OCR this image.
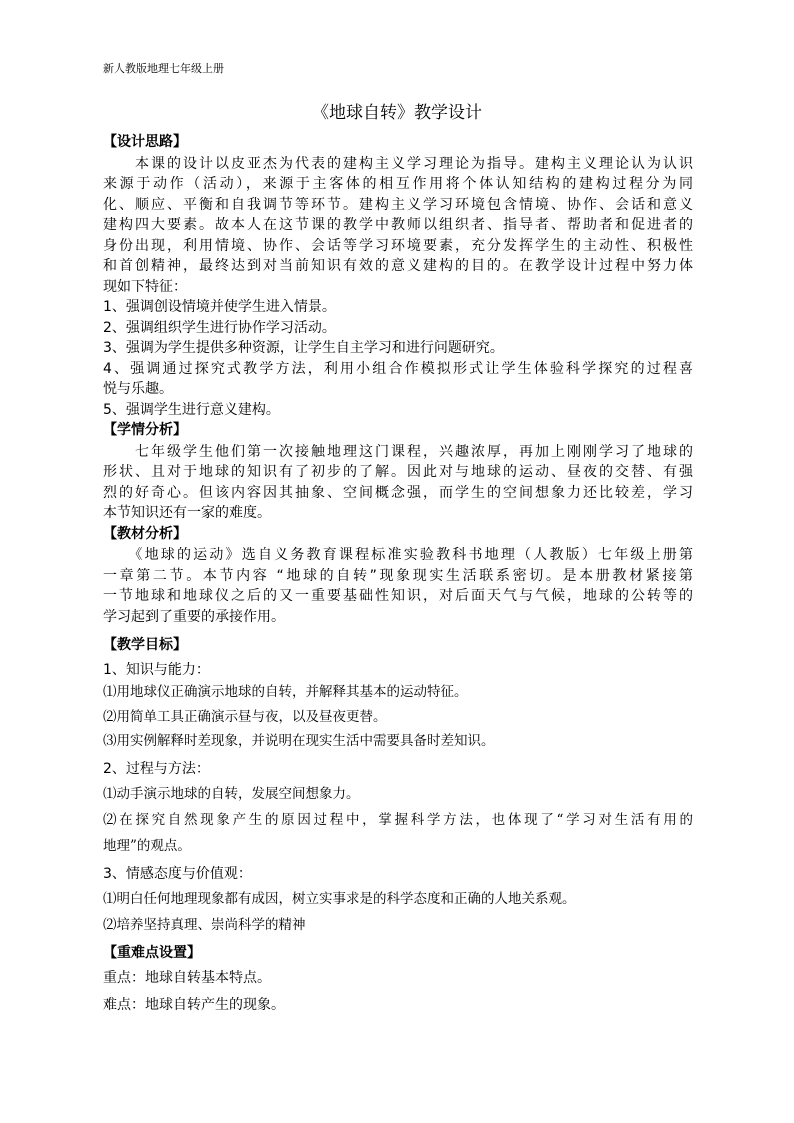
新人教版地理七年级上册
《地球自转》教学设计
【设计思路】
　　本课的设计以皮亚杰为代表的建构主义学习理论为指导。建构主义理论认为认识
来源于动作（活动），来源于主客体的相互作用将个体认知结构的建构过程分为同
化、顺应、平衡和自我调节等环节。建构主义学习环境包含情境、协作、会话和意义
建构四大要素。故本人在这节课的教学中教师以组织者、指导者、帮助者和促进者的
身份出现，利用情境、协作、会话等学习环境要素，充分发挥学生的主动性、积极性
和首创精神，最终达到对当前知识有效的意义建构的目的。在教学设计过程中努力体
现如下特征：
1、强调创设情境并使学生进入情景。
2、强调组织学生进行协作学习活动。
3、强调为学生提供多种资源，让学生自主学习和进行问题研究。
4、强调通过探究式教学方法，利用小组合作模拟形式让学生体验科学探究的过程喜
悦与乐趣。
5、强调学生进行意义建构。
【学情分析】
　　七年级学生他们第一次接触地理这门课程，兴趣浓厚，再加上刚刚学习了地球的
形状、且对于地球的知识有了初步的了解。因此对与地球的运动、昼夜的交替、有强
烈的好奇心。但该内容因其抽象、空间概念强，而学生的空间想象力还比较差，学习
本节知识还有一家的难度。
【教材分析】
　　《地球的运动》选自义务教育课程标准实验教科书地理（人教版）七年级上册第
一章第二节。本节内容 “地球的自转”现象现实生活联系密切。是本册教材紧接第
一节地球和地球仪之后的又一重要基础性知识，对后面天气与气候，地球的公转等的
学习起到了重要的承接作用。
【教学目标】
1、知识与能力：
⑴用地球仪正确演示地球的自转，并解释其基本的运动特征。
⑵用简单工具正确演示昼与夜，以及昼夜更替。
⑶用实例解释时差现象，并说明在现实生活中需要具备时差知识。
2、过程与方法：
⑴动手演示地球的自转，发展空间想象力。
⑵在探究自然现象产生的原因过程中，掌握科学方法，也体现了“学习对生活有用的
地理”的观点。
3、情感态度与价值观：
⑴明白任何地理现象都有成因，树立实事求是的科学态度和正确的人地关系观。
⑵培养坚持真理、崇尚科学的精神
【重难点设置】
重点：地球自转基本特点。
难点：地球自转产生的现象。
